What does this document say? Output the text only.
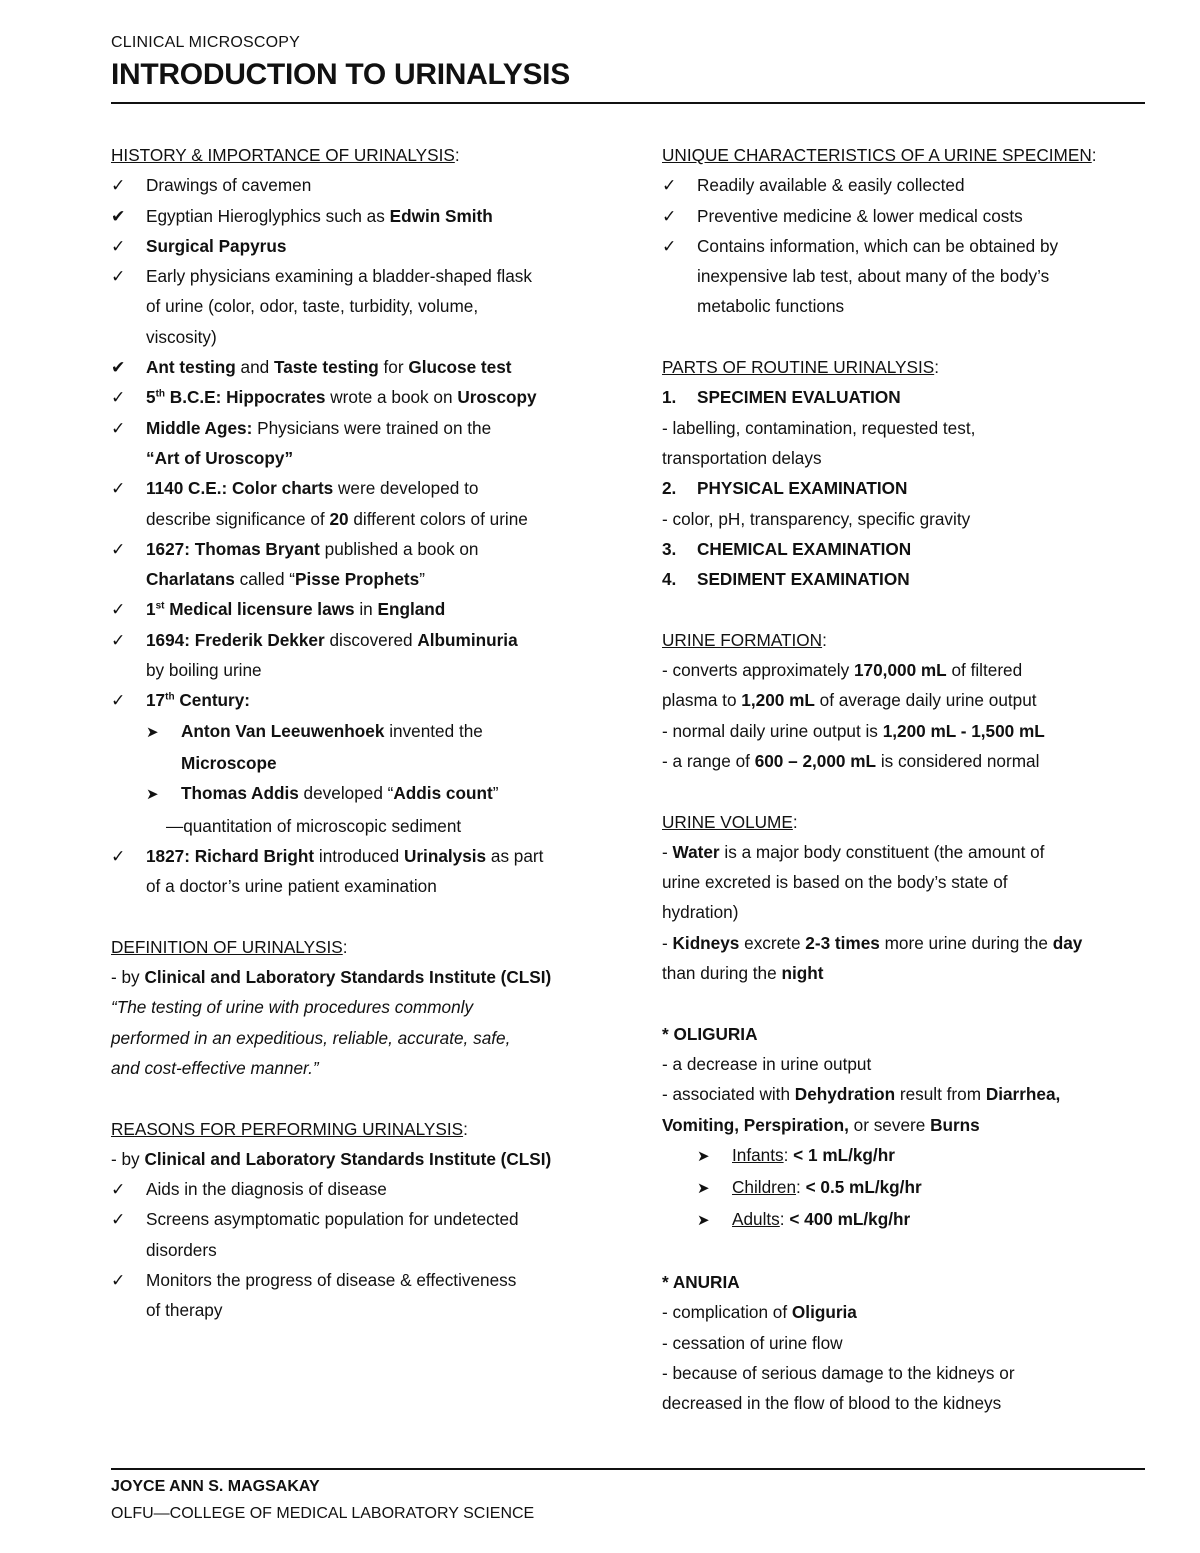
CLINICAL MICROSCOPY
INTRODUCTION TO URINALYSIS
HISTORY & IMPORTANCE OF URINALYSIS:
✓ Drawings of cavemen
✔ Egyptian Hieroglyphics such as Edwin Smith
✓ Surgical Papyrus
✓ Early physicians examining a bladder-shaped flask
of urine (color, odor, taste, turbidity, volume,
viscosity)
✔ Ant testing and Taste testing for Glucose test
✓ 5th B.C.E: Hippocrates wrote a book on Uroscopy
✓ Middle Ages: Physicians were trained on the
“Art of Uroscopy”
✓ 1140 C.E.: Color charts were developed to
describe significance of 20 different colors of urine
✓ 1627: Thomas Bryant published a book on
Charlatans called “Pisse Prophets”
✓ 1st Medical licensure laws in England
✓ 1694: Frederik Dekker discovered Albuminuria
by boiling urine
✓ 17th Century:
➤ Anton Van Leeuwenhoek invented the
Microscope
➤ Thomas Addis developed “Addis count”
—quantitation of microscopic sediment
✓ 1827: Richard Bright introduced Urinalysis as part
of a doctor’s urine patient examination
DEFINITION OF URINALYSIS:
- by Clinical and Laboratory Standards Institute (CLSI)
“The testing of urine with procedures commonly
performed in an expeditious, reliable, accurate, safe,
and cost-effective manner.”
REASONS FOR PERFORMING URINALYSIS:
- by Clinical and Laboratory Standards Institute (CLSI)
✓ Aids in the diagnosis of disease
✓ Screens asymptomatic population for undetected
disorders
✓ Monitors the progress of disease & effectiveness
of therapy
UNIQUE CHARACTERISTICS OF A URINE SPECIMEN:
✓ Readily available & easily collected
✓ Preventive medicine & lower medical costs
✓ Contains information, which can be obtained by
inexpensive lab test, about many of the body’s
metabolic functions
PARTS OF ROUTINE URINALYSIS:
1. SPECIMEN EVALUATION
- labelling, contamination, requested test,
transportation delays
2. PHYSICAL EXAMINATION
- color, pH, transparency, specific gravity
3. CHEMICAL EXAMINATION
4. SEDIMENT EXAMINATION
URINE FORMATION:
- converts approximately 170,000 mL of filtered
plasma to 1,200 mL of average daily urine output
- normal daily urine output is 1,200 mL - 1,500 mL
- a range of 600 – 2,000 mL is considered normal
URINE VOLUME:
- Water is a major body constituent (the amount of
urine excreted is based on the body’s state of
hydration)
- Kidneys excrete 2-3 times more urine during the day
than during the night
* OLIGURIA
- a decrease in urine output
- associated with Dehydration result from Diarrhea,
Vomiting, Perspiration, or severe Burns
➤ Infants: < 1 mL/kg/hr
➤ Children: < 0.5 mL/kg/hr
➤ Adults: < 400 mL/kg/hr
* ANURIA
- complication of Oliguria
- cessation of urine flow
- because of serious damage to the kidneys or
decreased in the flow of blood to the kidneys
JOYCE ANN S. MAGSAKAY
OLFU—COLLEGE OF MEDICAL LABORATORY SCIENCE
